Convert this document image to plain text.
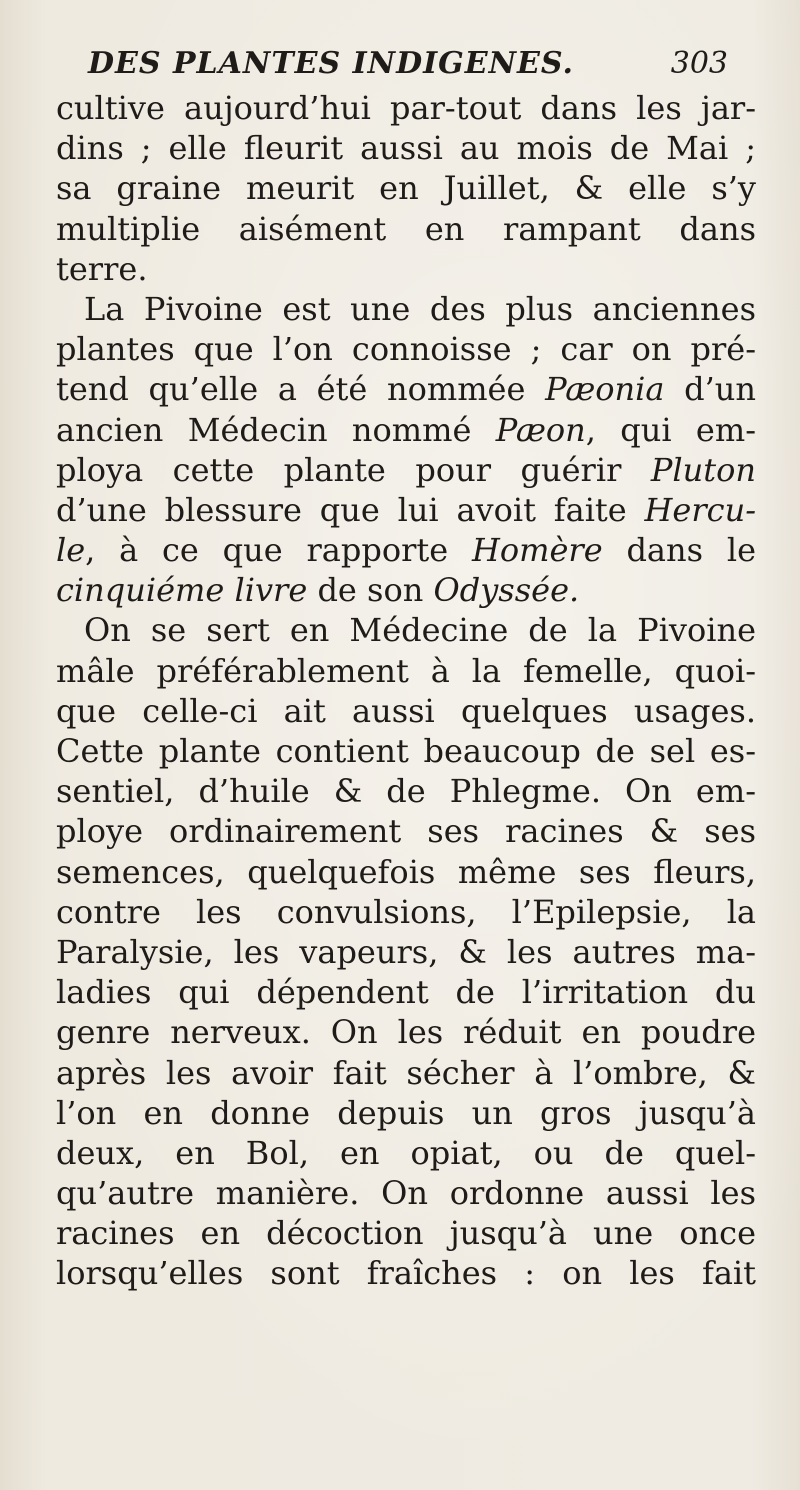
DES PLANTES INDIGENES.	303
cultive aujourd’hui par-tout dans les jar-
dins ; elle fleurit aussi au mois de Mai ;
sa graine meurit en Juillet, & elle s’y
multiplie aisément en rampant dans
terre.
La Pivoine est une des plus anciennes
plantes que l’on connoisse ; car on pré-
tend qu’elle a été nommée Pæonia d’un
ancien Médecin nommé Pæon, qui em-
ploya cette plante pour guérir Pluton
d’une blessure que lui avoit faite Hercu-
le, à ce que rapporte Homère dans le
cinquiéme livre de son Odyssée.
On se sert en Médecine de la Pivoine
mâle préférablement à la femelle, quoi-
que celle-ci ait aussi quelques usages.
Cette plante contient beaucoup de sel es-
sentiel, d’huile & de Phlegme. On em-
ploye ordinairement ses racines & ses
semences, quelquefois même ses fleurs,
contre les convulsions, l’Epilepsie, la
Paralysie, les vapeurs, & les autres ma-
ladies qui dépendent de l’irritation du
genre nerveux. On les réduit en poudre
après les avoir fait sécher à l’ombre, &
l’on en donne depuis un gros jusqu’à
deux, en Bol, en opiat, ou de quel-
qu’autre manière. On ordonne aussi les
racines en décoction jusqu’à une once
lorsqu’elles sont fraîches : on les fait
